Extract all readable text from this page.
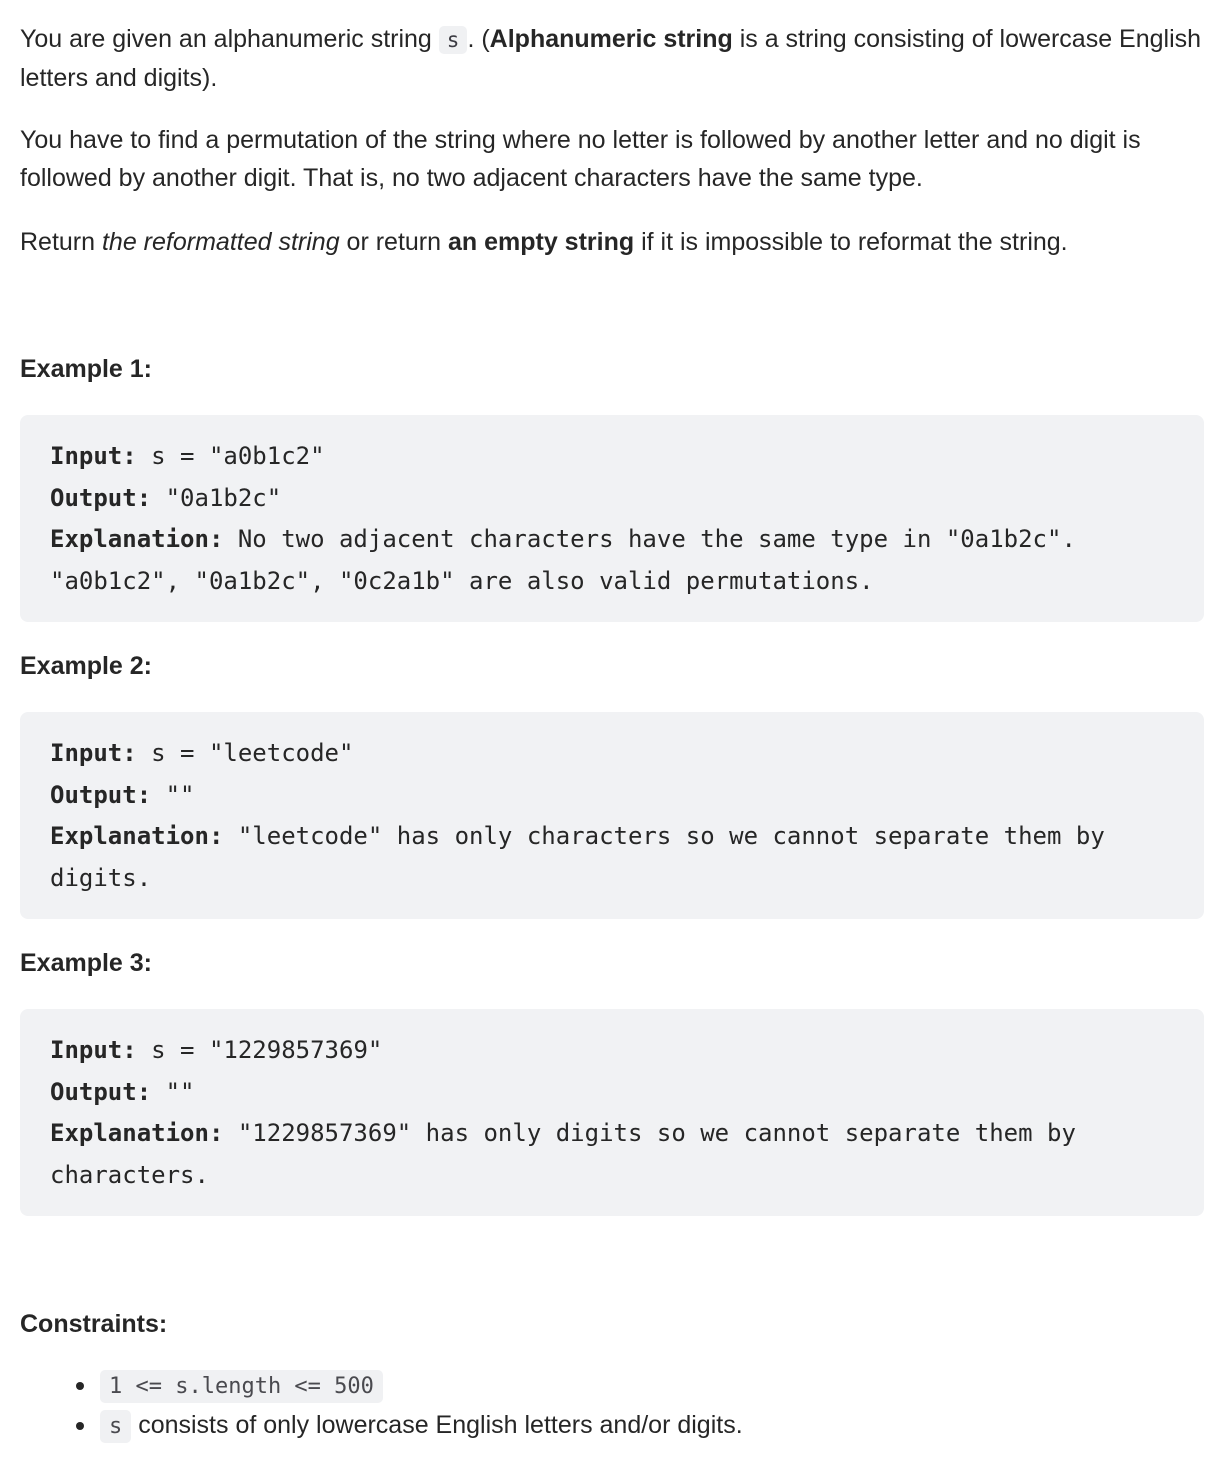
You are given an alphanumeric string s . (Alphanumeric string is a string consisting of lowercase English letters and digits).

You have to find a permutation of the string where no letter is followed by another letter and no digit is followed by another digit. That is, no two adjacent characters have the same type.

Return the reformatted string or return an empty string if it is impossible to reformat the string.

Example 1:
Input: s = "a0b1c2"
Output: "0a1b2c"
Explanation: No two adjacent characters have the same type in "0a1b2c". "a0b1c2", "0a1b2c", "0c2a1b" are also valid permutations.
Example 2:
Input: s = "leetcode"
Output: ""
Explanation: "leetcode" has only characters so we cannot separate them by digits.
Example 3:
Input: s = "1229857369"
Output: ""
Explanation: "1229857369" has only digits so we cannot separate them by characters.
Constraints:
1 <= s.length <= 500
s consists of only lowercase English letters and/or digits.
